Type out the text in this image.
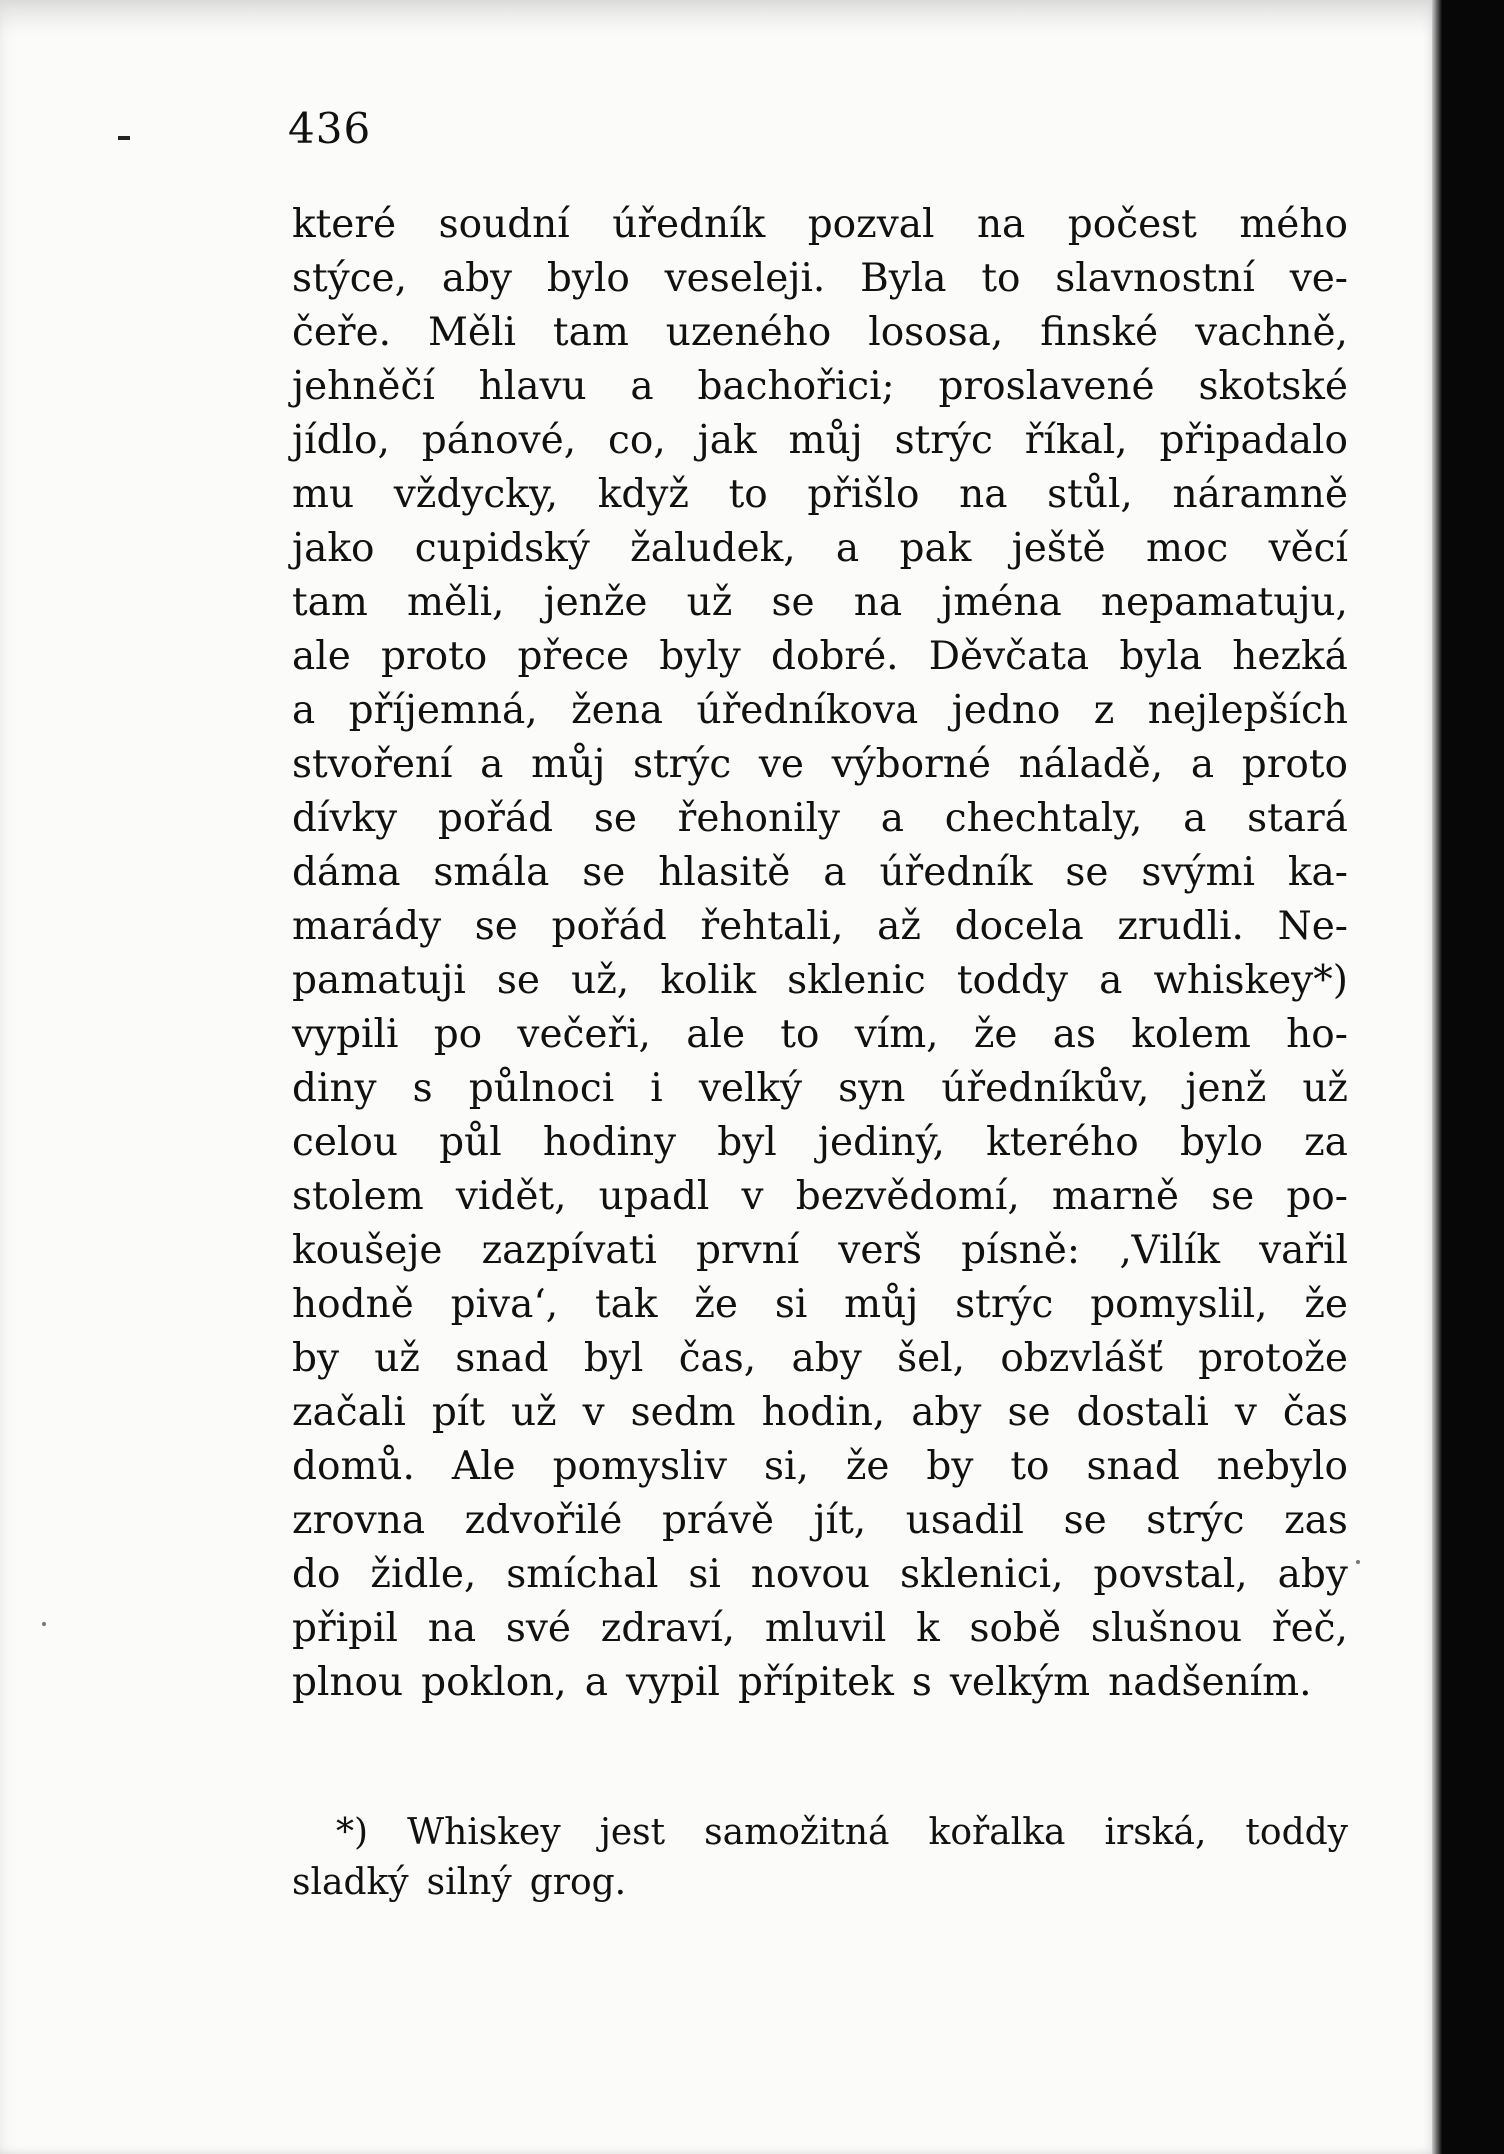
436
které soudní úředník pozval na počest mého
stýce, aby bylo veseleji. Byla to slavnostní ve-
čeře. Měli tam uzeného lososa, finské vachně,
jehněčí hlavu a bachořici; proslavené skotské
jídlo, pánové, co, jak můj strýc říkal, připadalo
mu vždycky, když to přišlo na stůl, náramně
jako cupidský žaludek, a pak ještě moc věcí
tam měli, jenže už se na jména nepamatuju,
ale proto přece byly dobré. Děvčata byla hezká
a příjemná, žena úředníkova jedno z nejlepších
stvoření a můj strýc ve výborné náladě, a proto
dívky pořád se řehonily a chechtaly, a stará
dáma smála se hlasitě a úředník se svými ka-
marády se pořád řehtali, až docela zrudli. Ne-
pamatuji se už, kolik sklenic toddy a whiskey*)
vypili po večeři, ale to vím, že as kolem ho-
diny s půlnoci i velký syn úředníkův, jenž už
celou půl hodiny byl jediný, kterého bylo za
stolem vidět, upadl v bezvědomí, marně se po-
koušeje zazpívati první verš písně: ‚Vilík vařil
hodně piva‘, tak že si můj strýc pomyslil, že
by už snad byl čas, aby šel, obzvlášť protože
začali pít už v sedm hodin, aby se dostali v čas
domů. Ale pomysliv si, že by to snad nebylo
zrovna zdvořilé právě jít, usadil se strýc zas
do židle, smíchal si novou sklenici, povstal, aby
připil na své zdraví, mluvil k sobě slušnou řeč,
plnou poklon, a vypil přípitek s velkým nadšením.
*) Whiskey jest samožitná kořalka irská, toddy
sladký silný grog.
